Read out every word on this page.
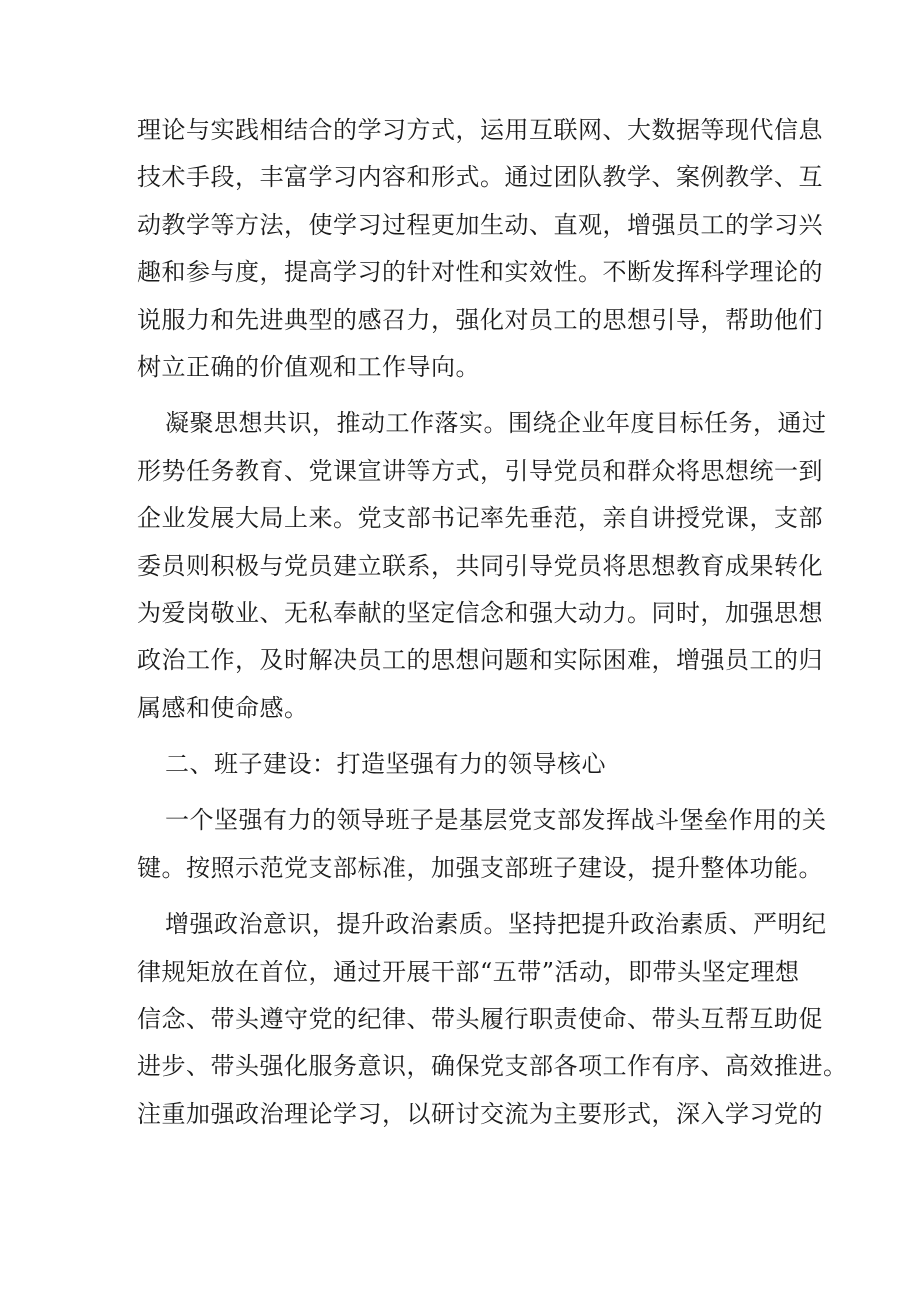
理论与实践相结合的学习方式，运用互联网、大数据等现代信息
技术手段，丰富学习内容和形式。通过团队教学、案例教学、互
动教学等方法，使学习过程更加生动、直观，增强员工的学习兴
趣和参与度，提高学习的针对性和实效性。不断发挥科学理论的
说服力和先进典型的感召力，强化对员工的思想引导，帮助他们
树立正确的价值观和工作导向。
凝聚思想共识，推动工作落实。围绕企业年度目标任务，通过
形势任务教育、党课宣讲等方式，引导党员和群众将思想统一到
企业发展大局上来。党支部书记率先垂范，亲自讲授党课，支部
委员则积极与党员建立联系，共同引导党员将思想教育成果转化
为爱岗敬业、无私奉献的坚定信念和强大动力。同时，加强思想
政治工作，及时解决员工的思想问题和实际困难，增强员工的归
属感和使命感。
二、班子建设：打造坚强有力的领导核心
一个坚强有力的领导班子是基层党支部发挥战斗堡垒作用的关
键。按照示范党支部标准，加强支部班子建设，提升整体功能。
增强政治意识，提升政治素质。坚持把提升政治素质、严明纪
律规矩放在首位，通过开展干部“五带”活动，即带头坚定理想
信念、带头遵守党的纪律、带头履行职责使命、带头互帮互助促
进步、带头强化服务意识，确保党支部各项工作有序、高效推进。
注重加强政治理论学习，以研讨交流为主要形式，深入学习党的
